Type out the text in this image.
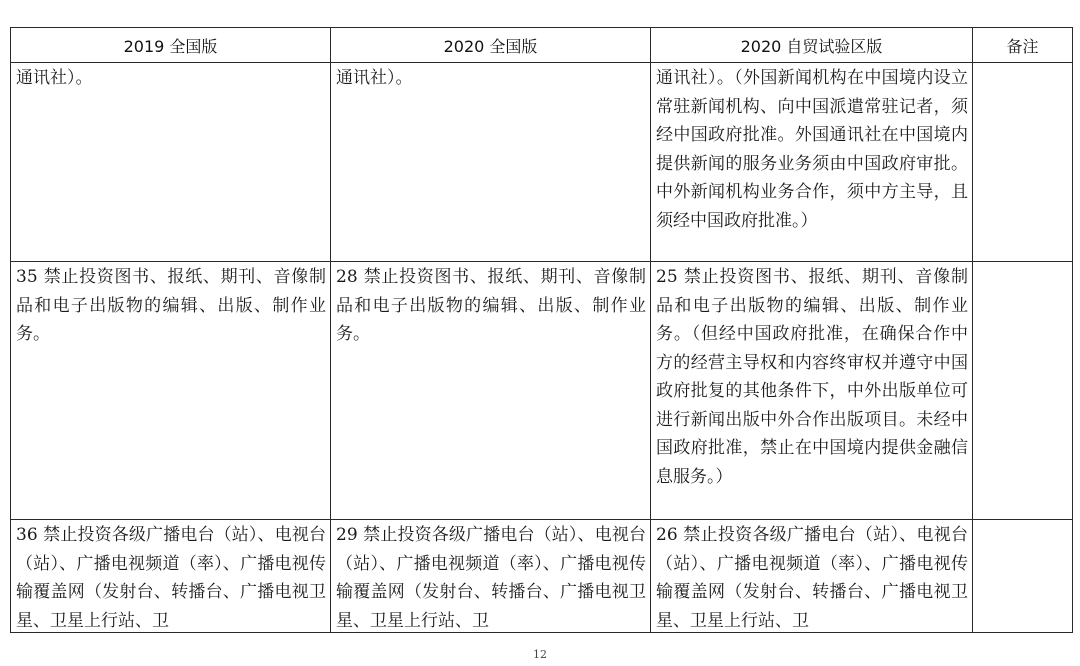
2019 全国版	2020 全国版	2020 自贸试验区版	备注
通讯社）。	通讯社）。	通讯社）。（外国新闻机构在中国境内设立常驻新闻机构、向中国派遣常驻记者，须经中国政府批准。外国通讯社在中国境内提供新闻的服务业务须由中国政府审批。中外新闻机构业务合作，须中方主导，且须经中国政府批准。）	
35 禁止投资图书、报纸、期刊、音像制品和电子出版物的编辑、出版、制作业务。	28 禁止投资图书、报纸、期刊、音像制品和电子出版物的编辑、出版、制作业务。	25 禁止投资图书、报纸、期刊、音像制品和电子出版物的编辑、出版、制作业务。（但经中国政府批准，在确保合作中方的经营主导权和内容终审权并遵守中国政府批复的其他条件下，中外出版单位可进行新闻出版中外合作出版项目。未经中国政府批准，禁止在中国境内提供金融信息服务。）	

36 禁止投资各级广播电台（站）、电视台（站）、广播电视频道（率）、广播电视传输覆盖网（发射台、转播台、广播电视卫星、卫星上行站、卫	29 禁止投资各级广播电台（站）、电视台（站）、广播电视频道（率）、广播电视传输覆盖网（发射台、转播台、广播电视卫星、卫星上行站、卫	26 禁止投资各级广播电台（站）、电视台（站）、广播电视频道（率）、广播电视传输覆盖网（发射台、转播台、广播电视卫星、卫星上行站、卫	

12
